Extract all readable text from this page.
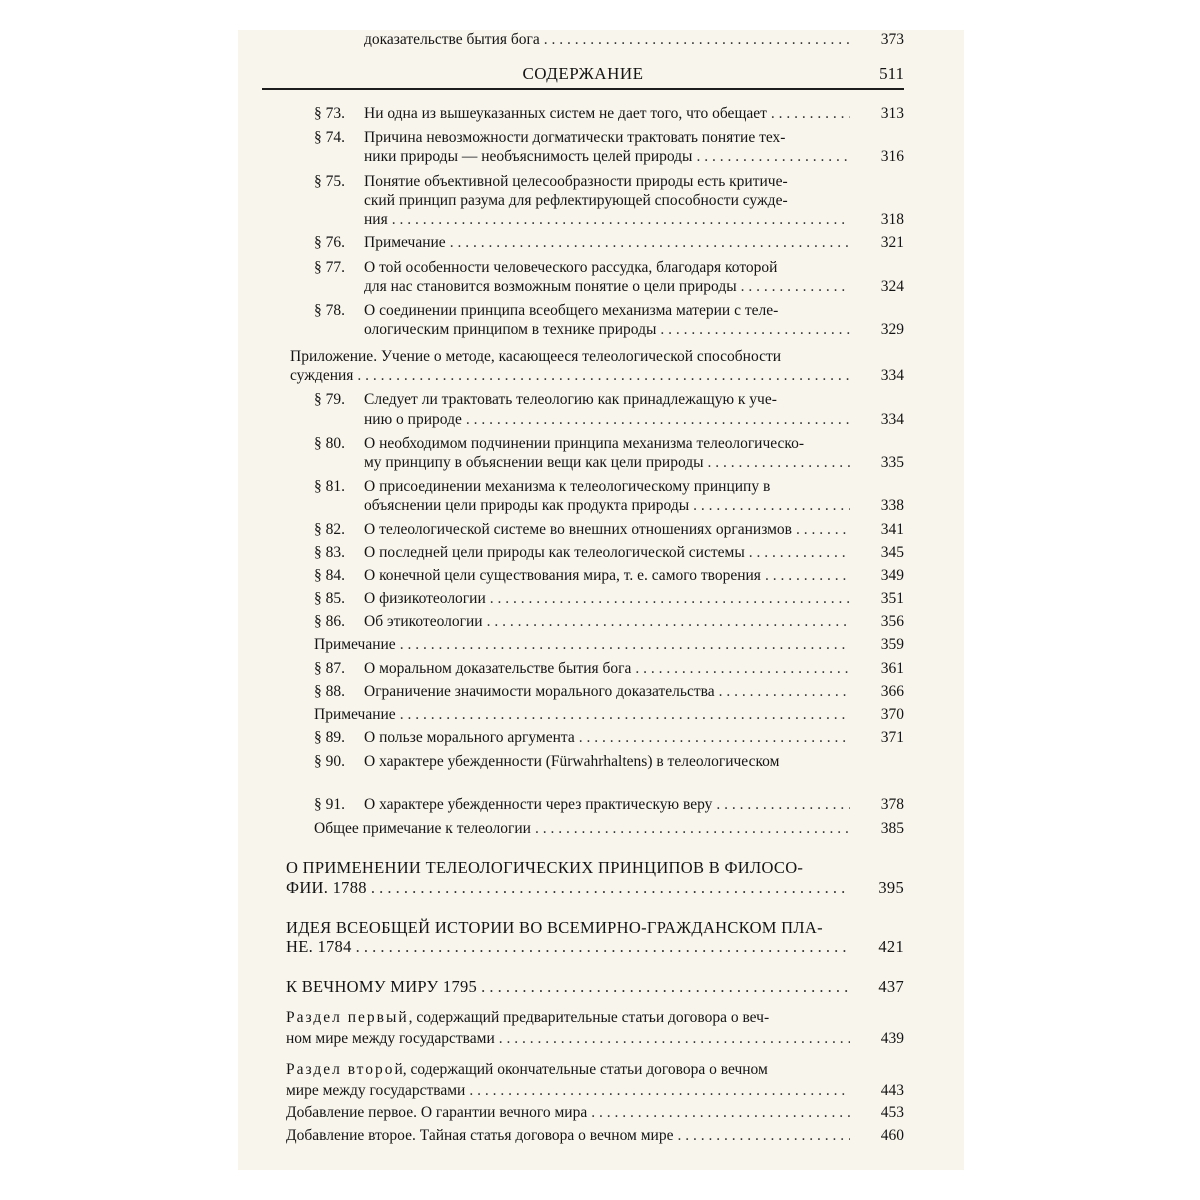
СОДЕРЖАНИЕ	511
§ 73.	Ни одна из вышеуказанных систем не дает того, что обещает . . .	313
§ 74.	Причина невозможности догматически трактовать понятие тех-
ники природы — необъяснимость целей природы . . .	316
§ 75.	Понятие объективной целесообразности природы есть критиче-
ский принцип разума для рефлектирующей способности сужде-
ния . . .	318
§ 76.	Примечание . . .	321
§ 77.	О той особенности человеческого рассудка, благодаря которой
для нас становится возможным понятие о цели природы . . .	324
§ 78.	О соединении принципа всеобщего механизма материи с теле-
ологическим принципом в технике природы . . .	329
Приложение. Учение о методе, касающееся телеологической способности
суждения . . .	334
§ 79.	Следует ли трактовать телеологию как принадлежащую к уче-
нию о природе . . .	334
§ 80.	О необходимом подчинении принципа механизма телеологическо-
му принципу в объяснении вещи как цели природы . . .	335
§ 81.	О присоединении механизма к телеологическому принципу в
объяснении цели природы как продукта природы . . .	338
§ 82.	О телеологической системе во внешних отношениях организмов . . .	341
§ 83.	О последней цели природы как телеологической системы . . .	345
§ 84.	О конечной цели существования мира, т. е. самого творения . . .	349
§ 85.	О физикотеологии . . .	351
§ 86.	Об этикотеологии . . .	356
Примечание . . .	359
§ 87.	О моральном доказательстве бытия бога . . .	361
§ 88.	Ограничение значимости морального доказательства . . .	366
Примечание . . .	370
§ 89.	О пользе морального аргумента . . .	371
§ 90.	О характере убежденности (Fürwahrhaltens) в телеологическом
доказательстве бытия бога . . .	373
§ 91.	О характере убежденности через практическую веру . . .	378
Общее примечание к телеологии . . .	385
О ПРИМЕНЕНИИ ТЕЛЕОЛОГИЧЕСКИХ ПРИНЦИПОВ В ФИЛОСО-
ФИИ. 1788 . . .	395
ИДЕЯ ВСЕОБЩЕЙ ИСТОРИИ ВО ВСЕМИРНО-ГРАЖДАНСКОМ ПЛА-
НЕ. 1784 . . .	421
К ВЕЧНОМУ МИРУ 1795 . . .	437
Раздел первый, содержащий предварительные статьи договора о веч-
ном мире между государствами . . .	439
Раздел второй, содержащий окончательные статьи договора о вечном
мире между государствами . . .	443
Добавление первое. О гарантии вечного мира . . .	453
Добавление второе. Тайная статья договора о вечном мире . . .	460
